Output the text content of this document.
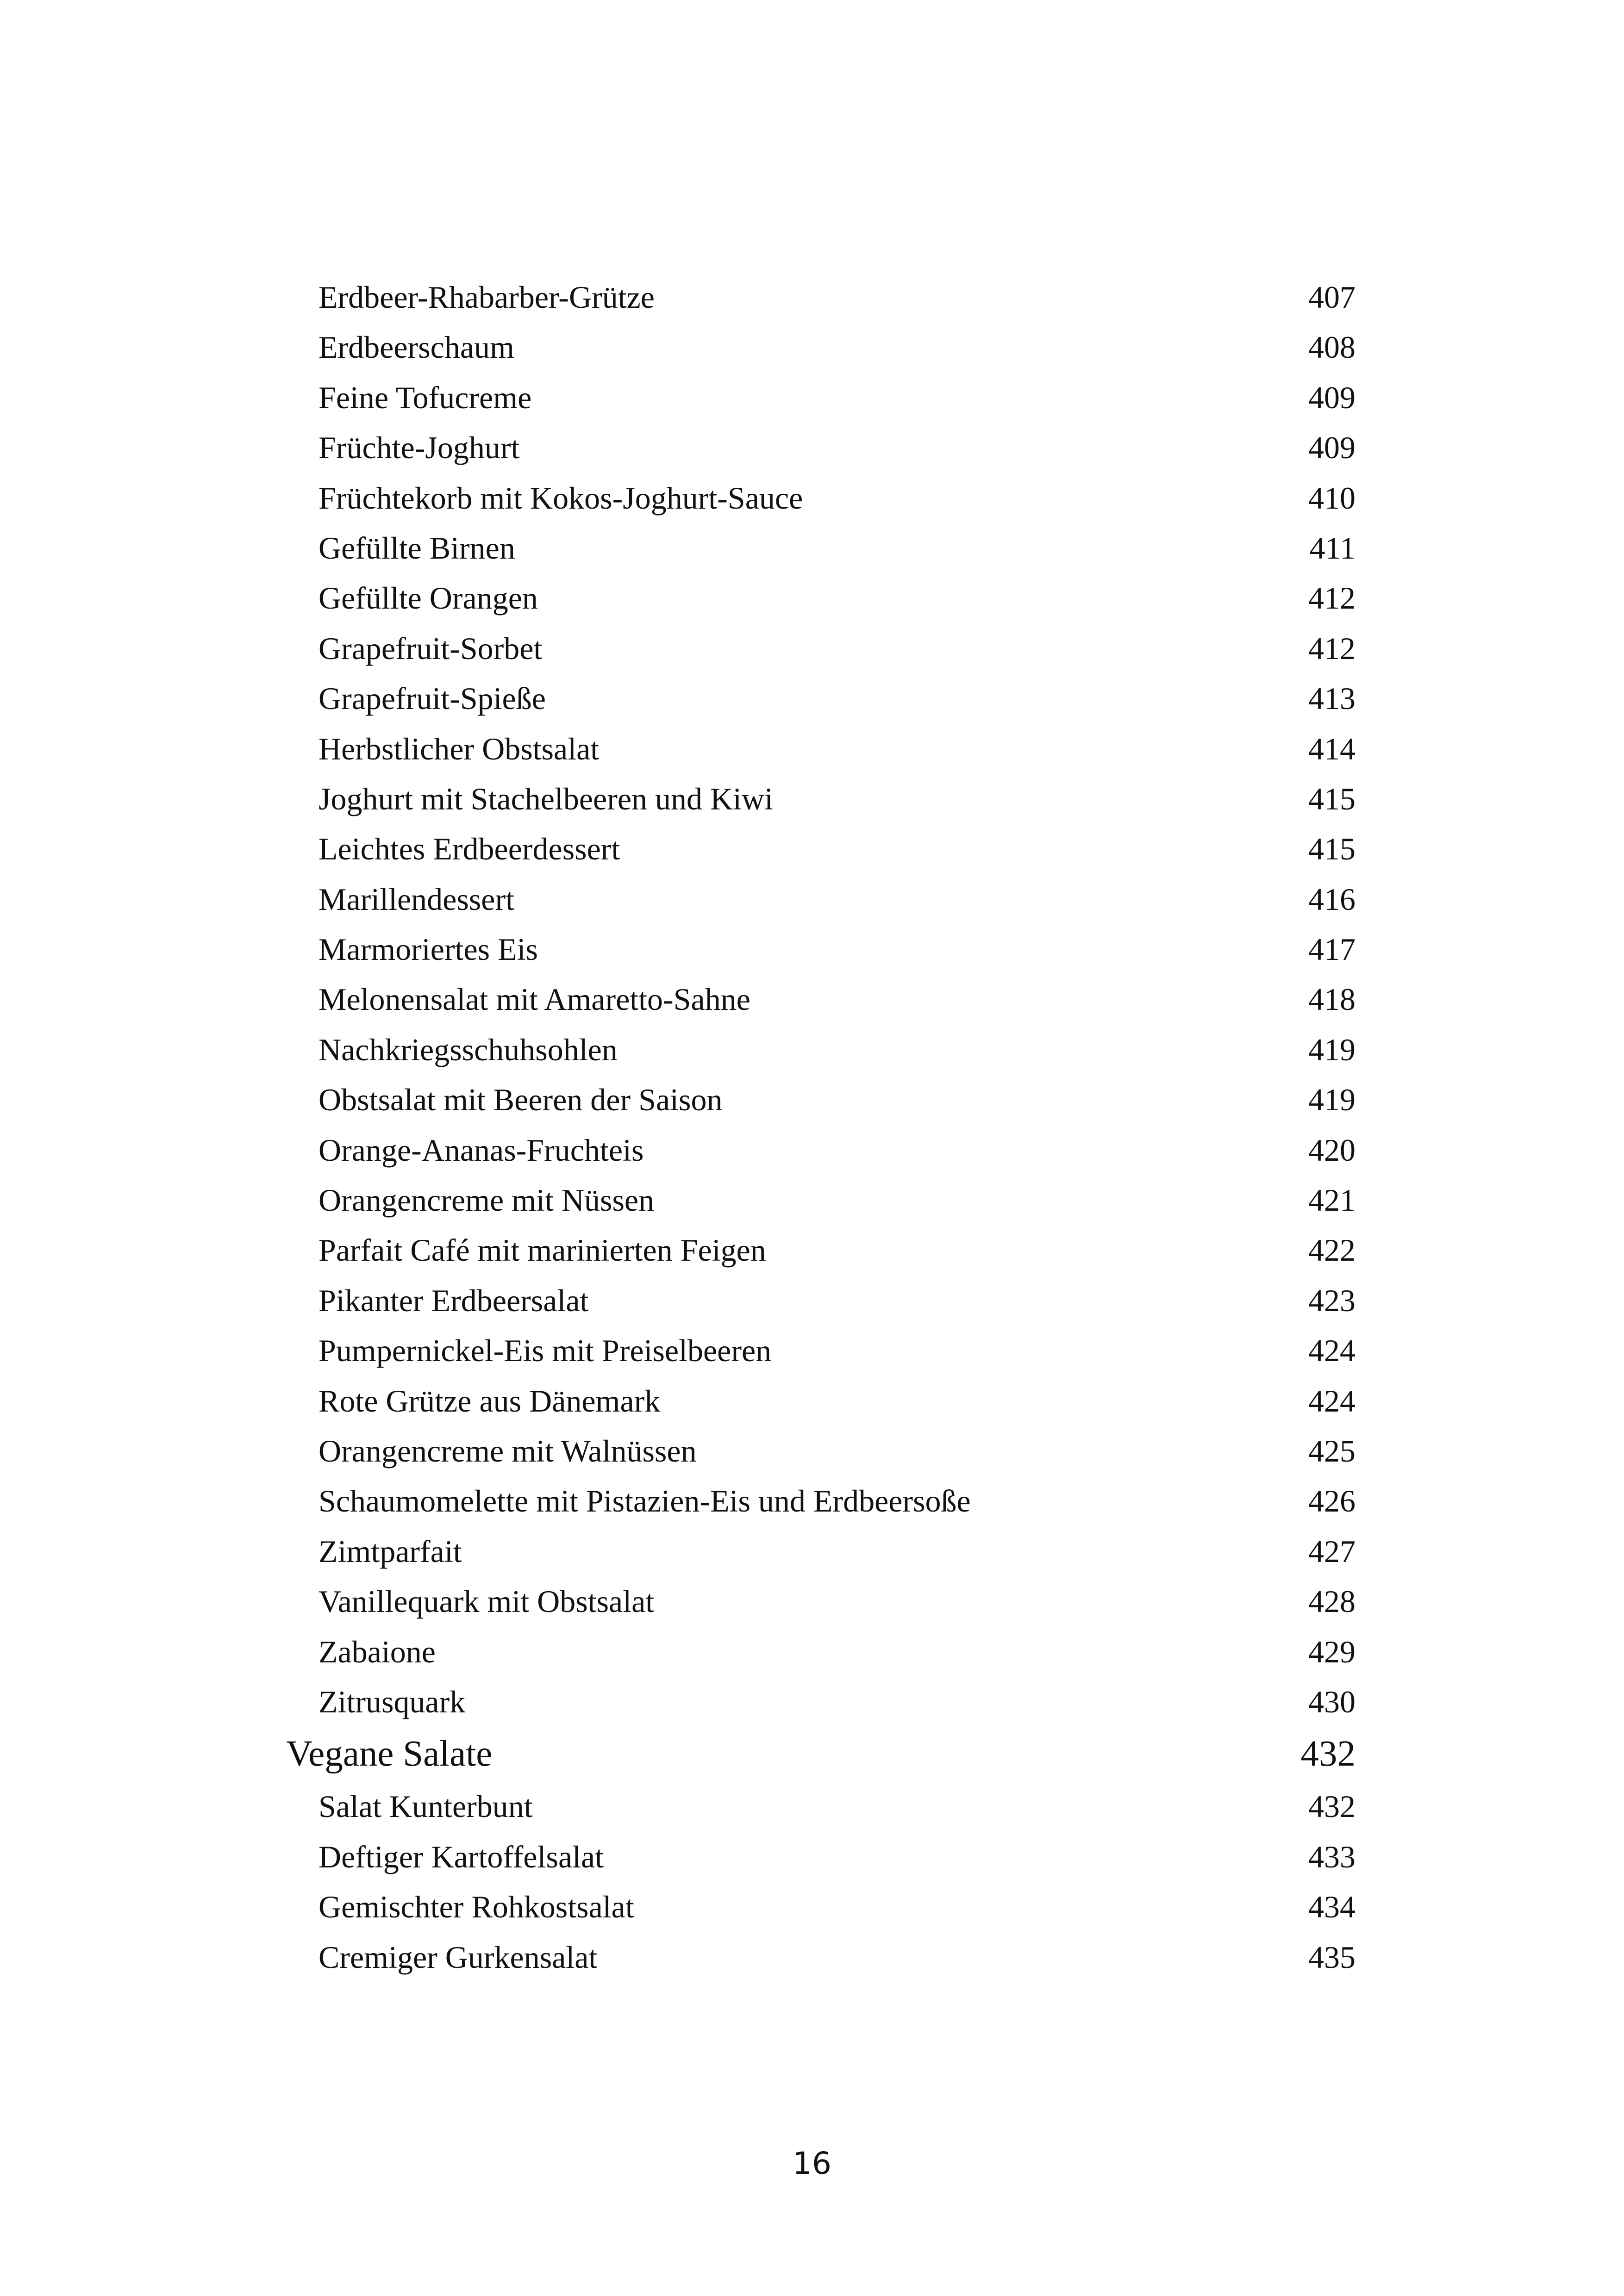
Erdbeer-Rhabarber-Grütze	407
Erdbeerschaum	408
Feine Tofucreme	409
Früchte-Joghurt	409
Früchtekorb mit Kokos-Joghurt-Sauce	410
Gefüllte Birnen	411
Gefüllte Orangen	412
Grapefruit-Sorbet	412
Grapefruit-Spieße	413
Herbstlicher Obstsalat	414
Joghurt mit Stachelbeeren und Kiwi	415
Leichtes Erdbeerdessert	415
Marillendessert	416
Marmoriertes Eis	417
Melonensalat mit Amaretto-Sahne	418
Nachkriegsschuhsohlen	419
Obstsalat mit Beeren der Saison	419
Orange-Ananas-Fruchteis	420
Orangencreme mit Nüssen	421
Parfait Café mit marinierten Feigen	422
Pikanter Erdbeersalat	423
Pumpernickel-Eis mit Preiselbeeren	424
Rote Grütze aus Dänemark	424
Orangencreme mit Walnüssen	425
Schaumomelette mit Pistazien-Eis und Erdbeersoße	426
Zimtparfait	427
Vanillequark mit Obstsalat	428
Zabaione	429
Zitrusquark	430
Vegane Salate	432
Salat Kunterbunt	432
Deftiger Kartoffelsalat	433
Gemischter Rohkostsalat	434
Cremiger Gurkensalat	435
16
